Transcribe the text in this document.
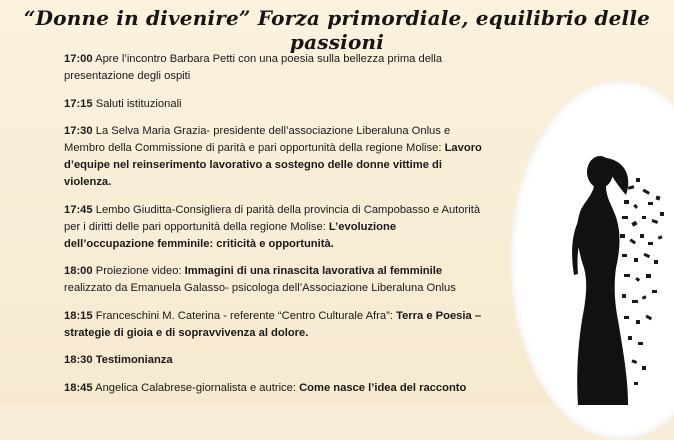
“Donne in divenire” Forza primordiale, equilibrio delle passioni
17:00 Apre l’incontro Barbara Petti con una poesia sulla bellezza prima della presentazione degli ospiti
17:15 Saluti istituzionali
17:30 La Selva Maria Grazia- presidente dell’associazione Liberaluna Onlus e Membro della Commissione di parità e pari opportunità della regione Molise: Lavoro d’equipe nel reinserimento lavorativo a sostegno delle donne vittime di violenza.
17:45 Lembo Giuditta-Consigliera di parità della provincia di Campobasso e Autorità per i diritti delle pari opportunità della regione Molise: L’evoluzione dell’occupazione femminile: criticità e opportunità.
18:00 Proiezione video: Immagini di una rinascita lavorativa al femminile realizzato da Emanuela Galasso- psicologa dell’Associazione Liberaluna Onlus
18:15 Franceschini M. Caterina - referente “Centro Culturale Afra”: Terra e Poesia –strategie di gioia e di sopravvivenza al dolore.
18:30 Testimonianza
18:45 Angelica Calabrese-giornalista e autrice: Come nasce l’idea del racconto
